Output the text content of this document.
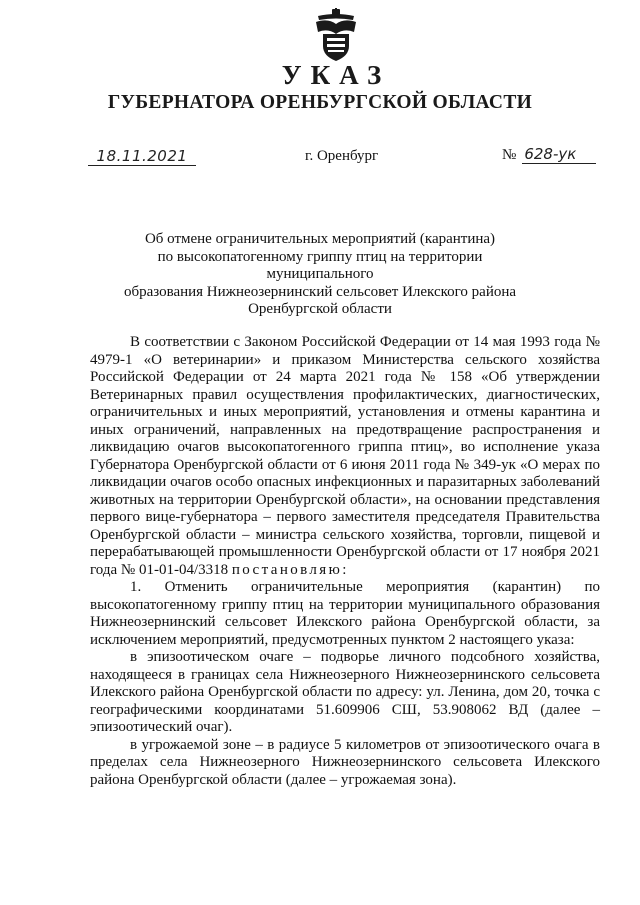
УКАЗ
ГУБЕРНАТОРА ОРЕНБУРГСКОЙ ОБЛАСТИ
18.11.2021	г. Оренбург	№ 628-ук
Об отмене ограничительных мероприятий (карантина)
по высокопатогенному гриппу птиц на территории муниципального
образования Нижнеозернинский сельсовет Илекского района
Оренбургской области

В соответствии с Законом Российской Федерации от 14 мая 1993 года № 4979-1 «О ветеринарии» и приказом Министерства сельского хозяйства Российской Федерации от 24 марта 2021 года № 158 «Об утверждении Ветеринарных правил осуществления профилактических, диагностических, ограничительных и иных мероприятий, установления и отмены карантина и иных ограничений, направленных на предотвращение распространения и ликвидацию очагов высокопатогенного гриппа птиц», во исполнение указа Губернатора Оренбургской области от 6 июня 2011 года № 349-ук «О мерах по ликвидации очагов особо опасных инфекционных и паразитарных заболеваний животных на территории Оренбургской области», на основании представления первого вице-губернатора – первого заместителя председателя Правительства Оренбургской области – министра сельского хозяйства, торговли, пищевой и перерабатывающей промышленности Оренбургской области от 17 ноября 2021 года № 01-01-04/3318 постановляю:

1. Отменить ограничительные мероприятия (карантин) по высокопатогенному гриппу птиц на территории муниципального образования Нижнеозернинский сельсовет Илекского района Оренбургской области, за исключением мероприятий, предусмотренных пунктом 2 настоящего указа:

в эпизоотическом очаге – подворье личного подсобного хозяйства, находящееся в границах села Нижнеозерного Нижнеозернинского сельсовета Илекского района Оренбургской области по адресу: ул. Ленина, дом 20, точка с географическими координатами 51.609906 СШ, 53.908062 ВД (далее – эпизоотический очаг).

в угрожаемой зоне – в радиусе 5 километров от эпизоотического очага в пределах села Нижнеозерного Нижнеозернинского сельсовета Илекского района Оренбургской области (далее – угрожаемая зона).
